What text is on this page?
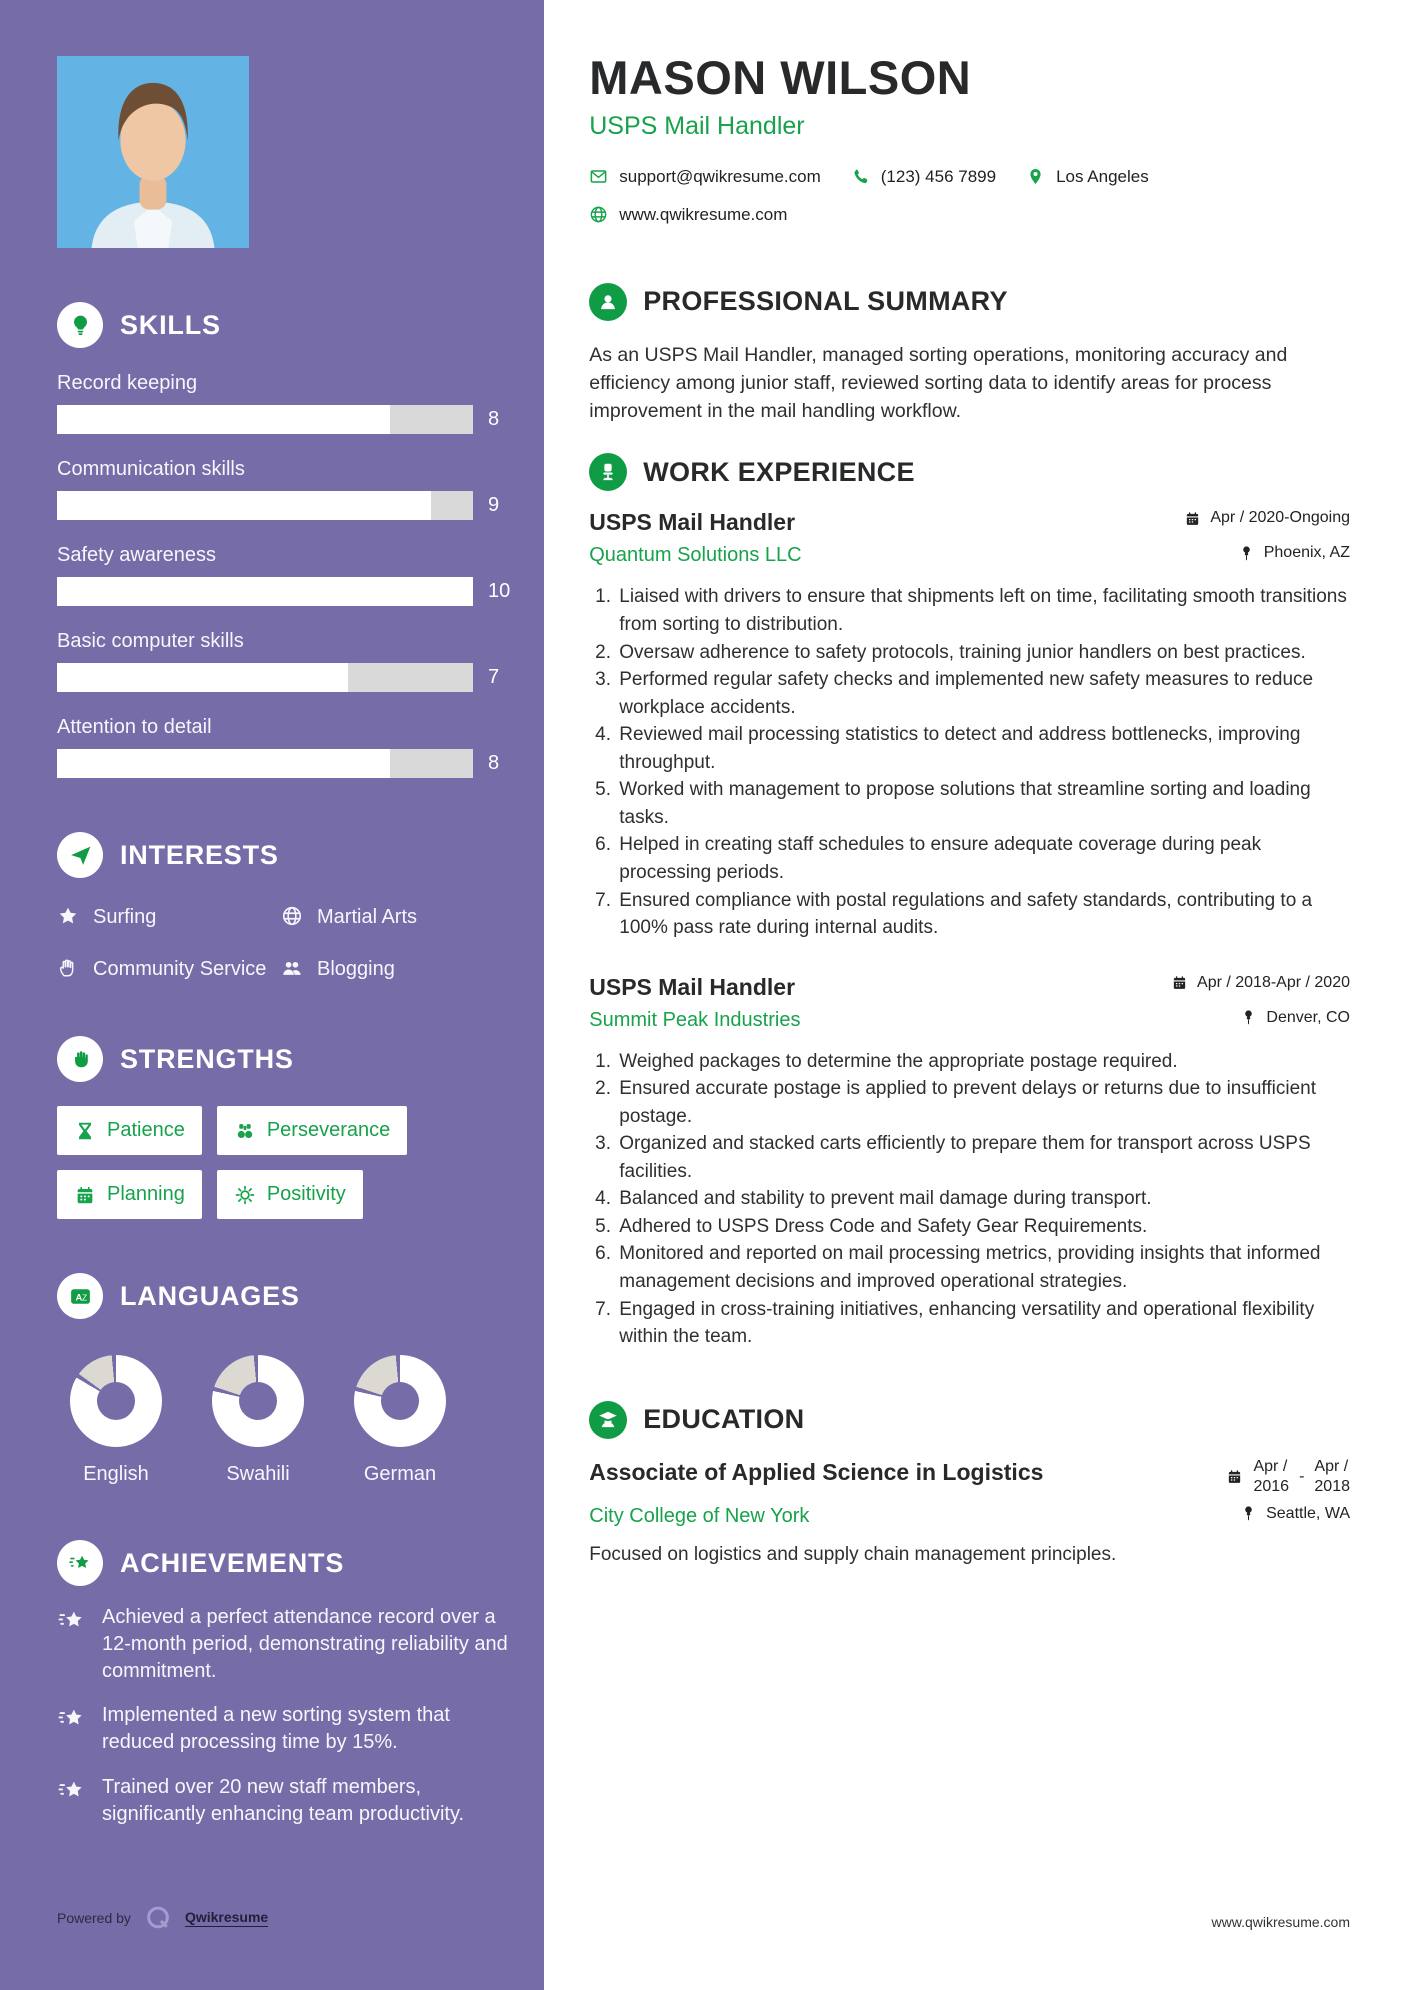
SKILLS
Record keeping
8
Communication skills
9
Safety awareness
10
Basic computer skills
7
Attention to detail
8
INTERESTS
Surfing	Martial Arts
Community Service	Blogging
STRENGTHS
Patience	Perseverance
Planning	Positivity
A Z LANGUAGES
English	Swahili	German
ACHIEVEMENTS
Achieved a perfect attendance record over a 12-month period, demonstrating reliability and commitment.
Implemented a new sorting system that reduced processing time by 15%.
Trained over 20 new staff members, significantly enhancing team productivity.
Powered by	Qwikresume
MASON WILSON
USPS Mail Handler
support@qwikresume.com	(123) 456 7899	Los Angeles
www.qwikresume.com
PROFESSIONAL SUMMARY

As an USPS Mail Handler, managed sorting operations, monitoring accuracy and efficiency among junior staff, reviewed sorting data to identify areas for process improvement in the mail handling workflow.

WORK EXPERIENCE
USPS Mail Handler	Apr / 2020-Ongoing
Quantum Solutions LLC	Phoenix, AZ
1. Liaised with drivers to ensure that shipments left on time, facilitating smooth transitions from sorting to distribution.
2. Oversaw adherence to safety protocols, training junior handlers on best practices.
3. Performed regular safety checks and implemented new safety measures to reduce workplace accidents.
4. Reviewed mail processing statistics to detect and address bottlenecks, improving throughput.
5. Worked with management to propose solutions that streamline sorting and loading tasks.
6. Helped in creating staff schedules to ensure adequate coverage during peak processing periods.
7. Ensured compliance with postal regulations and safety standards, contributing to a 100% pass rate during internal audits.
USPS Mail Handler	Apr / 2018-Apr / 2020
Summit Peak Industries	Denver, CO
1. Weighed packages to determine the appropriate postage required.
2. Ensured accurate postage is applied to prevent delays or returns due to insufficient postage.
3. Organized and stacked carts efficiently to prepare them for transport across USPS facilities.
4. Balanced and stability to prevent mail damage during transport.
5. Adhered to USPS Dress Code and Safety Gear Requirements.
6. Monitored and reported on mail processing metrics, providing insights that informed management decisions and improved operational strategies.
7. Engaged in cross-training initiatives, enhancing versatility and operational flexibility within the team.
EDUCATION
Associate of Applied Science in Logistics	Apr /
2016
-
Apr /
2018
City College of New York	Seattle, WA
Focused on logistics and supply chain management principles.
www.qwikresume.com
